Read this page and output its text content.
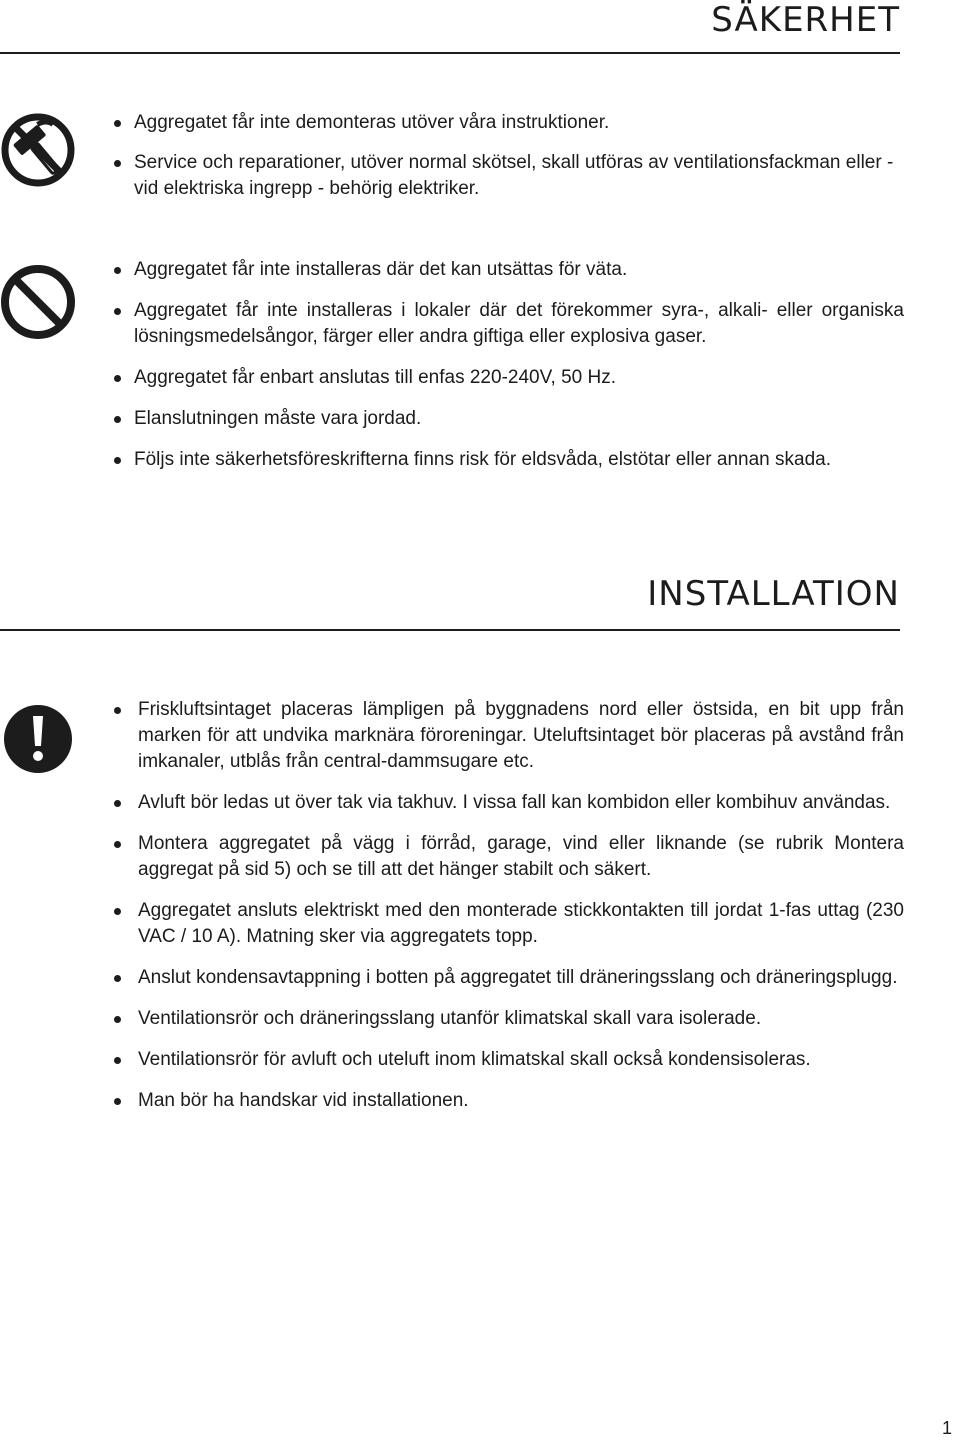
SÄKERHET
Aggregatet får inte demonteras utöver våra instruktioner.
Service och reparationer, utöver normal skötsel, skall utföras av ventilationsfackman eller - vid elektriska ingrepp - behörig elektriker.
Aggregatet får inte installeras där det kan utsättas för väta.
Aggregatet får inte installeras i lokaler där det förekommer syra-, alkali- eller organiska lösningsmedelsångor, färger eller andra giftiga eller explosiva gaser.
Aggregatet får enbart anslutas till enfas 220-240V, 50 Hz.
Elanslutningen måste vara jordad.
Följs inte säkerhetsföreskrifterna finns risk för eldsvåda, elstötar eller annan skada.
INSTALLATION
Friskluftsintaget placeras lämpligen på byggnadens nord eller östsida, en bit upp från marken för att undvika marknära föroreningar. Uteluftsintaget bör placeras på avstånd från imkanaler, utblås från central-dammsugare etc.
Avluft bör ledas ut över tak via takhuv. I vissa fall kan kombidon eller kombihuv användas.
Montera aggregatet på vägg i förråd, garage, vind eller liknande (se rubrik Montera aggregat på sid 5) och se till att det hänger stabilt och säkert.
Aggregatet ansluts elektriskt med den monterade stickkontakten till jordat 1-fas uttag (230 VAC / 10 A). Matning sker via aggregatets topp.
Anslut kondensavtappning i botten på aggregatet till dräneringsslang och dräneringsplugg.
Ventilationsrör och dräneringsslang utanför klimatskal skall vara isolerade.
Ventilationsrör för avluft och uteluft inom klimatskal skall också kondensisoleras.
Man bör ha handskar vid installationen.
1
